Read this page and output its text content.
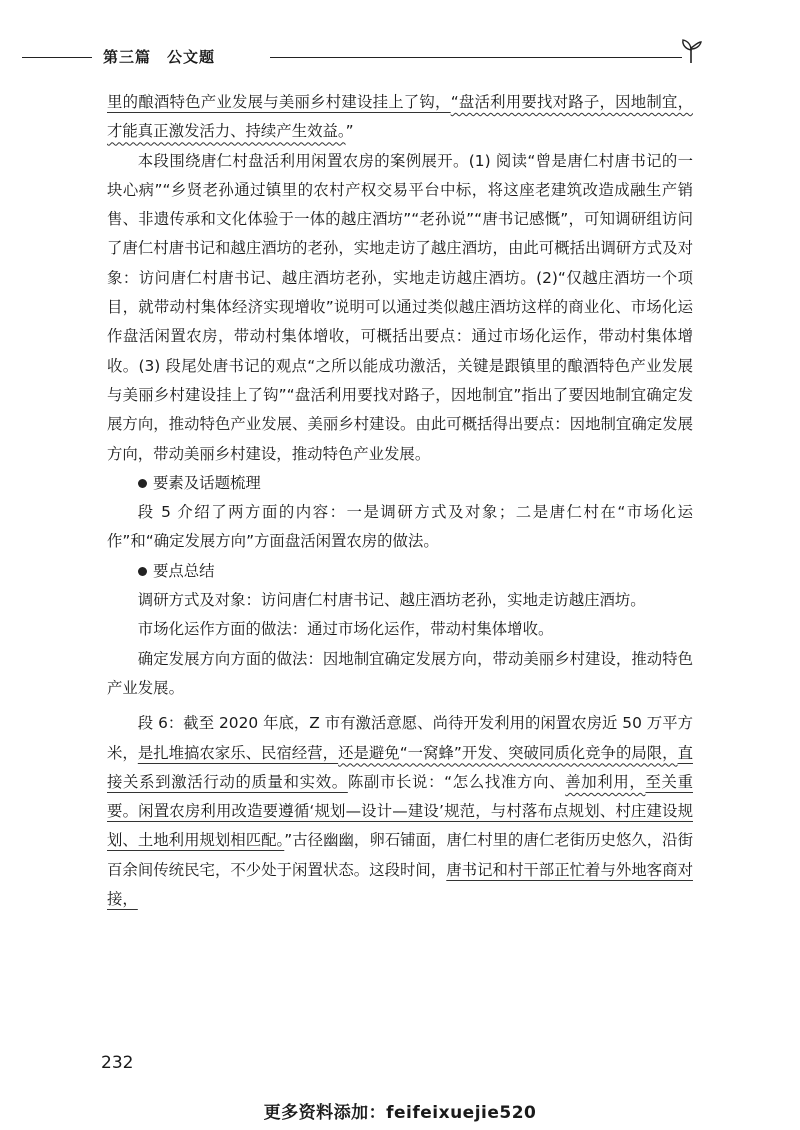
第三篇 公文题

里的酿酒特色产业发展与美丽乡村建设挂上了钩，“盘活利用要找对路子，因地制宜，才能真正激发活力、持续产生效益。”

本段围绕唐仁村盘活利用闲置农房的案例展开。(1) 阅读“曾是唐仁村唐书记的一块心病”“乡贤老孙通过镇里的农村产权交易平台中标，将这座老建筑改造成融生产销售、非遗传承和文化体验于一体的越庄酒坊”“老孙说”“唐书记感慨”，可知调研组访问了唐仁村唐书记和越庄酒坊的老孙，实地走访了越庄酒坊，由此可概括出调研方式及对象：访问唐仁村唐书记、越庄酒坊老孙，实地走访越庄酒坊。(2)“仅越庄酒坊一个项目，就带动村集体经济实现增收”说明可以通过类似越庄酒坊这样的商业化、市场化运作盘活闲置农房，带动村集体增收，可概括出要点：通过市场化运作，带动村集体增收。(3) 段尾处唐书记的观点“之所以能成功激活，关键是跟镇里的酿酒特色产业发展与美丽乡村建设挂上了钩”“盘活利用要找对路子，因地制宜”指出了要因地制宜确定发展方向，推动特色产业发展、美丽乡村建设。由此可概括得出要点：因地制宜确定发展方向，带动美丽乡村建设，推动特色产业发展。

要素及话题梳理

段 5 介绍了两方面的内容：一是调研方式及对象；二是唐仁村在“市场化运作”和“确定发展方向”方面盘活闲置农房的做法。

要点总结

调研方式及对象：访问唐仁村唐书记、越庄酒坊老孙，实地走访越庄酒坊。

市场化运作方面的做法：通过市场化运作，带动村集体增收。

确定发展方向方面的做法：因地制宜确定发展方向，带动美丽乡村建设，推动特色产业发展。

段 6：截至 2020 年底，Z 市有激活意愿、尚待开发利用的闲置农房近 50 万平方米，是扎堆搞农家乐、民宿经营，还是避免“一窝蜂”开发、突破同质化竞争的局限，直接关系到激活行动的质量和实效。陈副市长说：“怎么找准方向、善加利用，至关重要。闲置农房利用改造要遵循‘规划—设计—建设’规范，与村落布点规划、村庄建设规划、土地利用规划相匹配。”古径幽幽，卵石铺面，唐仁村里的唐仁老街历史悠久，沿街百余间传统民宅，不少处于闲置状态。这段时间，唐书记和村干部正忙着与外地客商对接，

232
更多资料添加：feifeixuejie520
